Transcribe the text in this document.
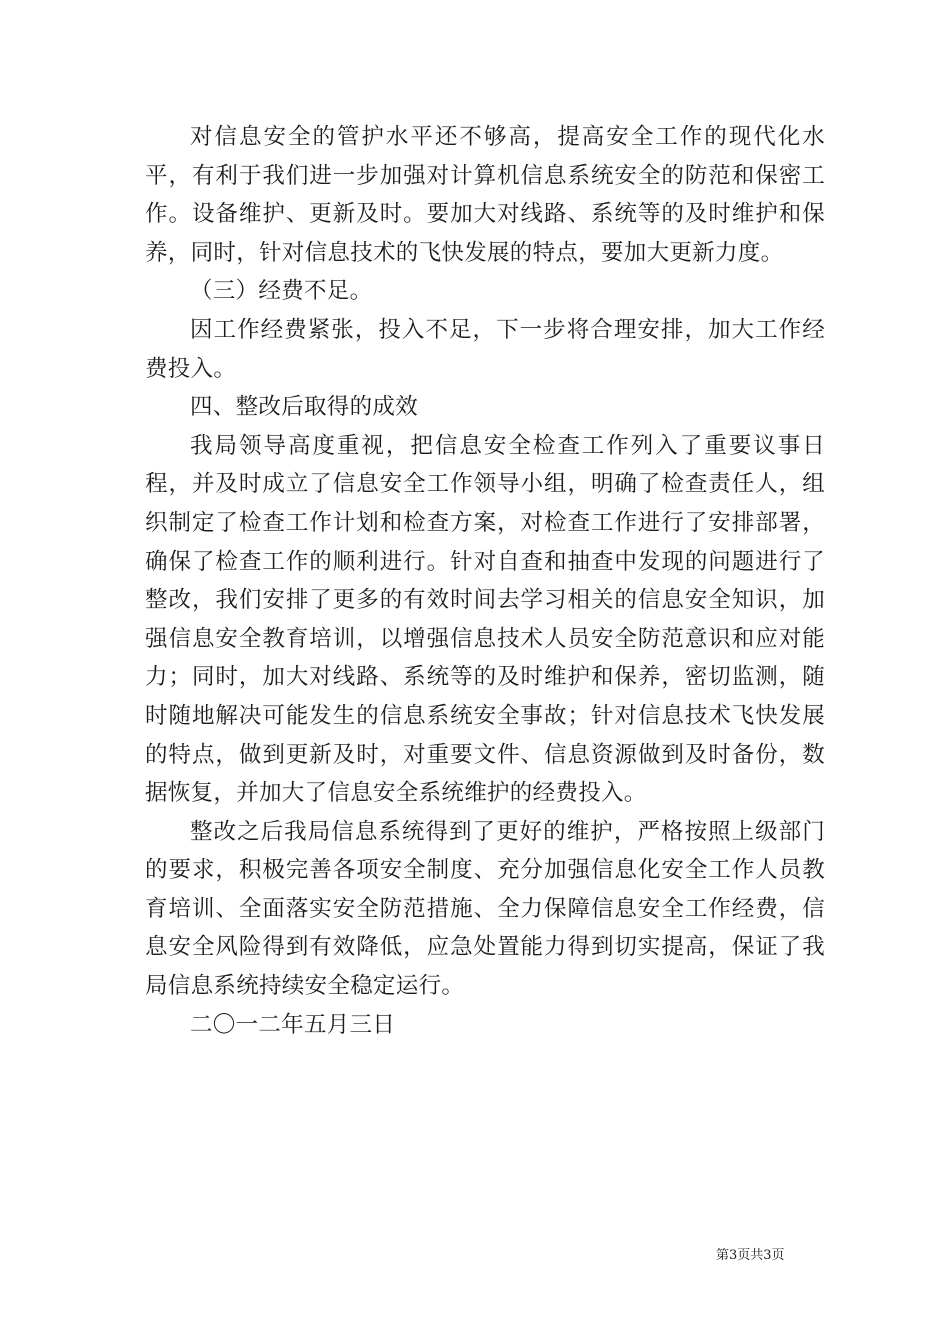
对信息安全的管护水平还不够高，提高安全工作的现代化水平，有利于我们进一步加强对计算机信息系统安全的防范和保密工作。设备维护、更新及时。要加大对线路、系统等的及时维护和保养，同时，针对信息技术的飞快发展的特点，要加大更新力度。

（三）经费不足。

因工作经费紧张，投入不足，下一步将合理安排，加大工作经费投入。

四、整改后取得的成效

我局领导高度重视，把信息安全检查工作列入了重要议事日程，并及时成立了信息安全工作领导小组，明确了检查责任人，组织制定了检查工作计划和检查方案，对检查工作进行了安排部署，确保了检查工作的顺利进行。针对自查和抽查中发现的问题进行了整改，我们安排了更多的有效时间去学习相关的信息安全知识，加强信息安全教育培训，以增强信息技术人员安全防范意识和应对能力；同时，加大对线路、系统等的及时维护和保养，密切监测，随时随地解决可能发生的信息系统安全事故；针对信息技术飞快发展的特点，做到更新及时，对重要文件、信息资源做到及时备份，数据恢复，并加大了信息安全系统维护的经费投入。

整改之后我局信息系统得到了更好的维护，严格按照上级部门的要求，积极完善各项安全制度、充分加强信息化安全工作人员教育培训、全面落实安全防范措施、全力保障信息安全工作经费，信息安全风险得到有效降低，应急处置能力得到切实提高，保证了我局信息系统持续安全稳定运行。

二〇一二年五月三日

第3页共3页
